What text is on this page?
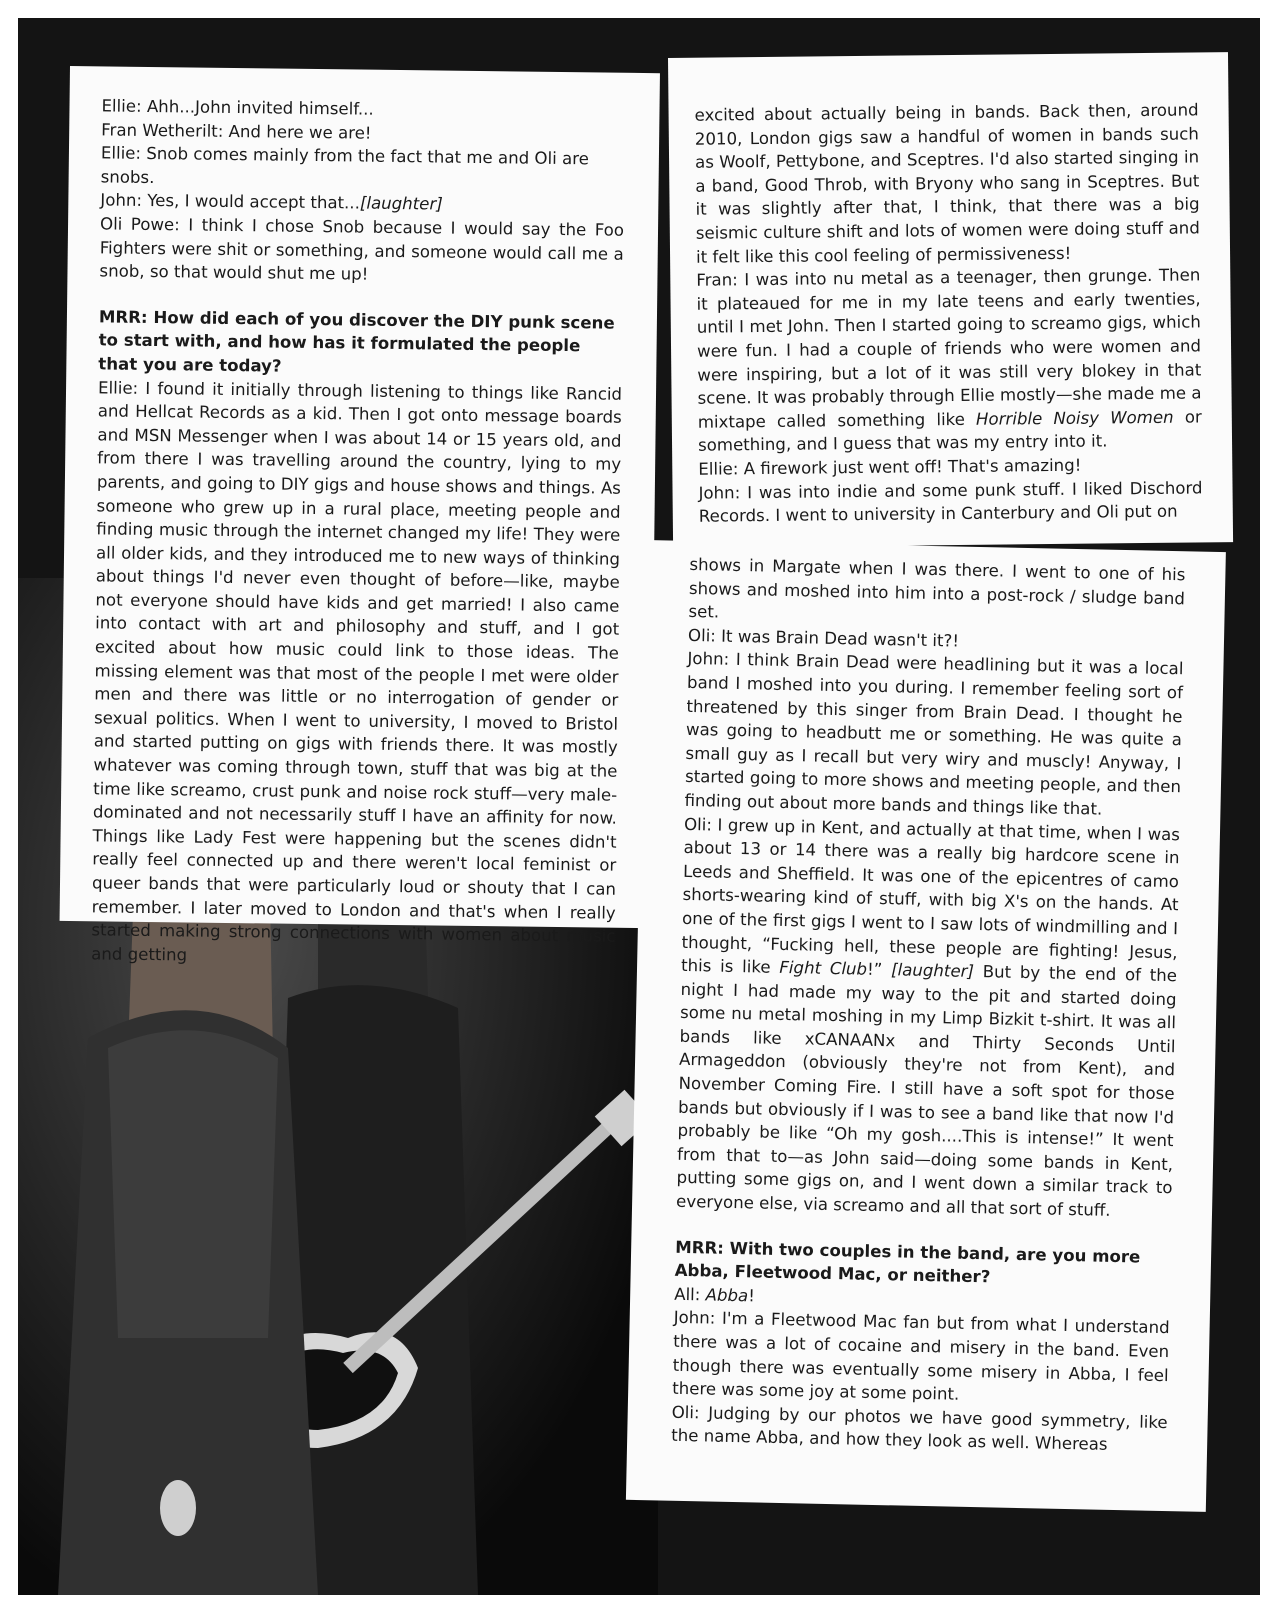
Ellie: Ahh...John invited himself...

Fran Wetherilt: And here we are!

Ellie: Snob comes mainly from the fact that me and Oli are snobs.

John: Yes, I would accept that...[laughter]

Oli Powe: I think I chose Snob because I would say the Foo Fighters were shit or something, and someone would call me a snob, so that would shut me up!

MRR: How did each of you discover the DIY punk scene to start with, and how has it formulated the people that you are today?

Ellie: I found it initially through listening to things like Rancid and Hellcat Records as a kid. Then I got onto message boards and MSN Messenger when I was about 14 or 15 years old, and from there I was travelling around the country, lying to my parents, and going to DIY gigs and house shows and things. As someone who grew up in a rural place, meeting people and finding music through the internet changed my life! They were all older kids, and they introduced me to new ways of thinking about things I'd never even thought of before—like, maybe not everyone should have kids and get married! I also came into contact with art and philosophy and stuff, and I got excited about how music could link to those ideas. The missing element was that most of the people I met were older men and there was little or no interrogation of gender or sexual politics. When I went to university, I moved to Bristol and started putting on gigs with friends there. It was mostly whatever was coming through town, stuff that was big at the time like screamo, crust punk and noise rock stuff—very male-dominated and not necessarily stuff I have an affinity for now. Things like Lady Fest were happening but the scenes didn't really feel connected up and there weren't local feminist or queer bands that were particularly loud or shouty that I can remember. I later moved to London and that's when I really started making strong connections with women about music and getting

excited about actually being in bands. Back then, around 2010, London gigs saw a handful of women in bands such as Woolf, Pettybone, and Sceptres. I'd also started singing in a band, Good Throb, with Bryony who sang in Sceptres. But it was slightly after that, I think, that there was a big seismic culture shift and lots of women were doing stuff and it felt like this cool feeling of permissiveness!

Fran: I was into nu metal as a teenager, then grunge. Then it plateaued for me in my late teens and early twenties, until I met John. Then I started going to screamo gigs, which were fun. I had a couple of friends who were women and were inspiring, but a lot of it was still very blokey in that scene. It was probably through Ellie mostly—she made me a mixtape called something like Horrible Noisy Women or something, and I guess that was my entry into it.

Ellie: A firework just went off! That's amazing!

John: I was into indie and some punk stuff. I liked Dischord Records. I went to university in Canterbury and Oli put on

shows in Margate when I was there. I went to one of his shows and moshed into him into a post-rock / sludge band set.

Oli: It was Brain Dead wasn't it?!

John: I think Brain Dead were headlining but it was a local band I moshed into you during. I remember feeling sort of threatened by this singer from Brain Dead. I thought he was going to headbutt me or something. He was quite a small guy as I recall but very wiry and muscly! Anyway, I started going to more shows and meeting people, and then finding out about more bands and things like that.

Oli: I grew up in Kent, and actually at that time, when I was about 13 or 14 there was a really big hardcore scene in Leeds and Sheffield. It was one of the epicentres of camo shorts-wearing kind of stuff, with big X's on the hands. At one of the first gigs I went to I saw lots of windmilling and I thought, “Fucking hell, these people are fighting! Jesus, this is like Fight Club!” [laughter] But by the end of the night I had made my way to the pit and started doing some nu metal moshing in my Limp Bizkit t-shirt. It was all bands like xCANAANx and Thirty Seconds Until Armageddon (obviously they're not from Kent), and November Coming Fire. I still have a soft spot for those bands but obviously if I was to see a band like that now I'd probably be like “Oh my gosh....This is intense!” It went from that to—as John said—doing some bands in Kent, putting some gigs on, and I went down a similar track to everyone else, via screamo and all that sort of stuff.

MRR: With two couples in the band, are you more Abba, Fleetwood Mac, or neither?

All: Abba!

John: I'm a Fleetwood Mac fan but from what I understand there was a lot of cocaine and misery in the band. Even though there was eventually some misery in Abba, I feel there was some joy at some point.

Oli: Judging by our photos we have good symmetry, like the name Abba, and how they look as well. Whereas
